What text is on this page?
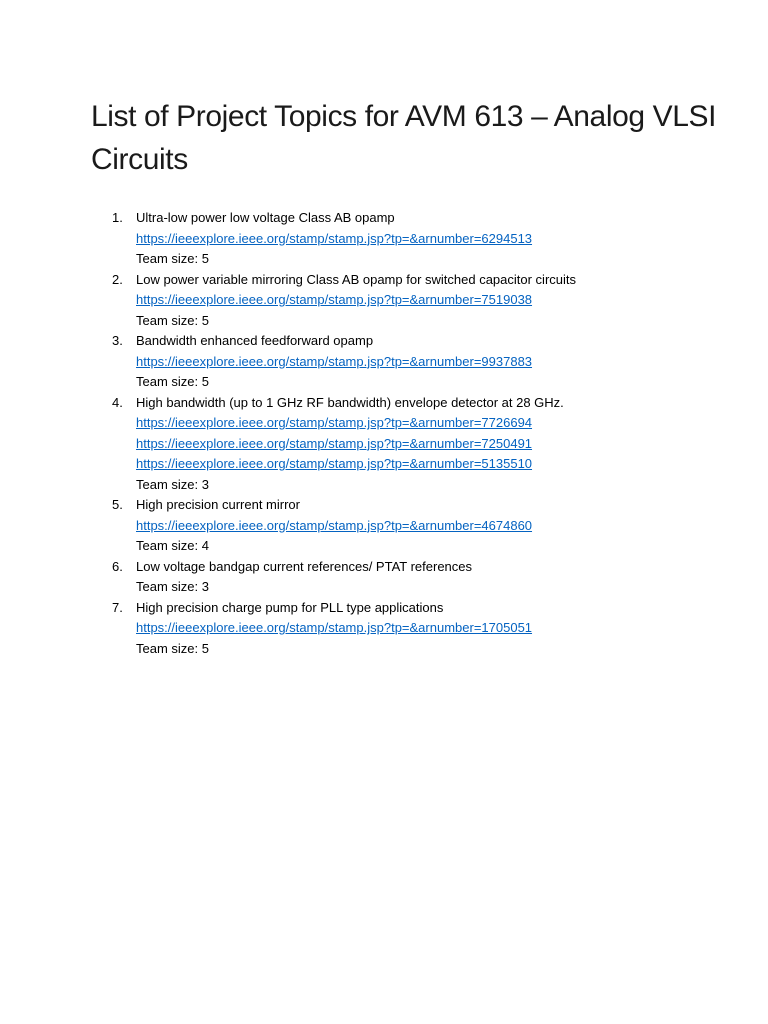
List of Project Topics for AVM 613 – Analog VLSI Circuits
1.	Ultra-low power low voltage Class AB opamp
https://ieeexplore.ieee.org/stamp/stamp.jsp?tp=&arnumber=6294513
Team size: 5
2.	Low power variable mirroring Class AB opamp for switched capacitor circuits
https://ieeexplore.ieee.org/stamp/stamp.jsp?tp=&arnumber=7519038
Team size: 5
3.	Bandwidth enhanced feedforward opamp
https://ieeexplore.ieee.org/stamp/stamp.jsp?tp=&arnumber=9937883
Team size: 5
4.	High bandwidth (up to 1 GHz RF bandwidth) envelope detector at 28 GHz.
https://ieeexplore.ieee.org/stamp/stamp.jsp?tp=&arnumber=7726694
https://ieeexplore.ieee.org/stamp/stamp.jsp?tp=&arnumber=7250491
https://ieeexplore.ieee.org/stamp/stamp.jsp?tp=&arnumber=5135510
Team size: 3
5.	High precision current mirror
https://ieeexplore.ieee.org/stamp/stamp.jsp?tp=&arnumber=4674860
Team size: 4
6.	Low voltage bandgap current references/ PTAT references
Team size: 3
7.	High precision charge pump for PLL type applications
https://ieeexplore.ieee.org/stamp/stamp.jsp?tp=&arnumber=1705051
Team size: 5
